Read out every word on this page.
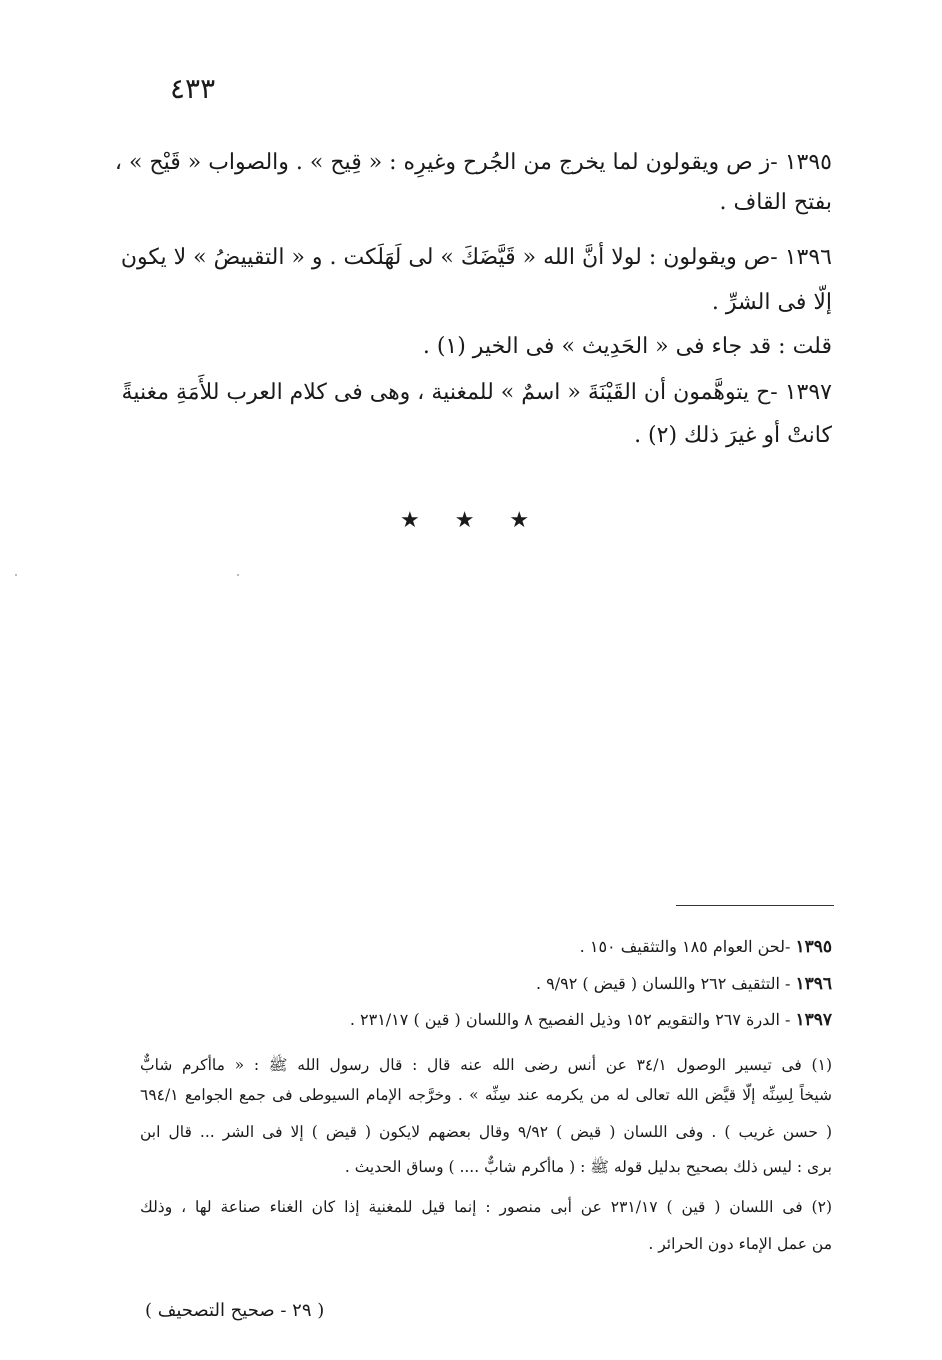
٤٣٣
١٣٩٥ -ز ص ويقولون لما يخرج من الجُرح وغيرِه : « قِيح » . والصواب « قَيْح » ،
بفتح القاف .
١٣٩٦ -ص ويقولون : لولا أنَّ الله « قَيَّضَكَ » لى لَهَلَكت . و « التقييضُ » لا يكون
إلّا فى الشرِّ .
قلت : قد جاء فى « الحَدِيث » فى الخير (١) .
١٣٩٧ -ح يتوهَّمون أن القَيْنَةَ « اسمٌ » للمغنية ، وهى فى كلام العرب للأَمَةِ مغنيةً
كانتْ أو غيرَ ذلك (٢) .
★ ★ ★
١٣٩٥ -لحن العوام ١٨٥ والتثقيف ١٥٠ .
١٣٩٦ - التثقيف ٢٦٢ واللسان ( قيض ) ٩/٩٢ .
١٣٩٧ - الدرة ٢٦٧ والتقويم ١٥٢ وذيل الفصيح ٨ واللسان ( قين ) ٢٣١/١٧ .
(١) فى تيسير الوصول ٣٤/١ عن أنس رضى الله عنه قال : قال رسول الله ﷺ : « ماأكرم شابٌّ
شيخاً لِسِنِّه إلّا قيَّض الله تعالى له من يكرمه عند سِنِّه » . وخرَّجه الإمام السيوطى فى جمع الجوامع ٦٩٤/١
( حسن غريب ) . وفى اللسان ( قيض ) ٩/٩٢ وقال بعضهم لايكون ( قيض ) إلا فى الشر ... قال ابن
برى : ليس ذلك بصحيح بدليل قوله ﷺ : ( ماأكرم شابٌّ .... ) وساق الحديث .
(٢) فى اللسان ( قين ) ٢٣١/١٧ عن أبى منصور : إنما قيل للمغنية إذا كان الغناء صناعة لها ، وذلك
من عمل الإماء دون الحرائر .
( ٢٩ - صحيح التصحيف )
